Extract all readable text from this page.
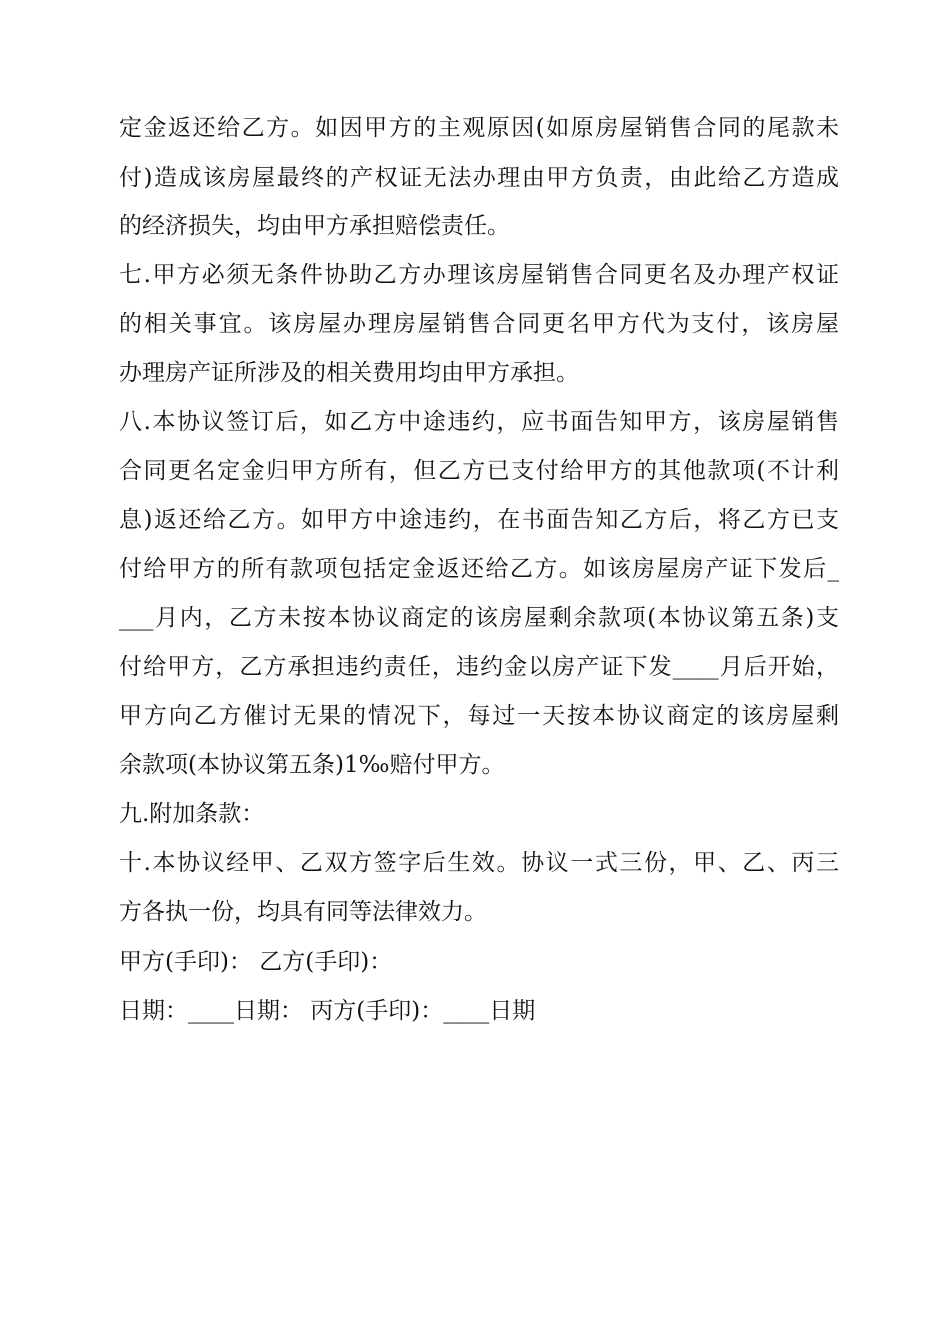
定金返还给乙方。如因甲方的主观原因(如原房屋销售合同的尾款未
付)造成该房屋最终的产权证无法办理由甲方负责，由此给乙方造成
的经济损失，均由甲方承担赔偿责任。
七.甲方必须无条件协助乙方办理该房屋销售合同更名及办理产权证
的相关事宜。该房屋办理房屋销售合同更名甲方代为支付，该房屋
办理房产证所涉及的相关费用均由甲方承担。
八.本协议签订后，如乙方中途违约，应书面告知甲方，该房屋销售
合同更名定金归甲方所有，但乙方已支付给甲方的其他款项(不计利
息)返还给乙方。如甲方中途违约，在书面告知乙方后，将乙方已支
付给甲方的所有款项包括定金返还给乙方。如该房屋房产证下发后_
___月内，乙方未按本协议商定的该房屋剩余款项(本协议第五条)支
付给甲方，乙方承担违约责任，违约金以房产证下发____月后开始，
甲方向乙方催讨无果的情况下，每过一天按本协议商定的该房屋剩
余款项(本协议第五条)1‰赔付甲方。
九.附加条款：
十.本协议经甲、乙双方签字后生效。协议一式三份，甲、乙、丙三
方各执一份，均具有同等法律效力。
甲方(手印)： 乙方(手印)：
日期：____日期： 丙方(手印)：____日期
